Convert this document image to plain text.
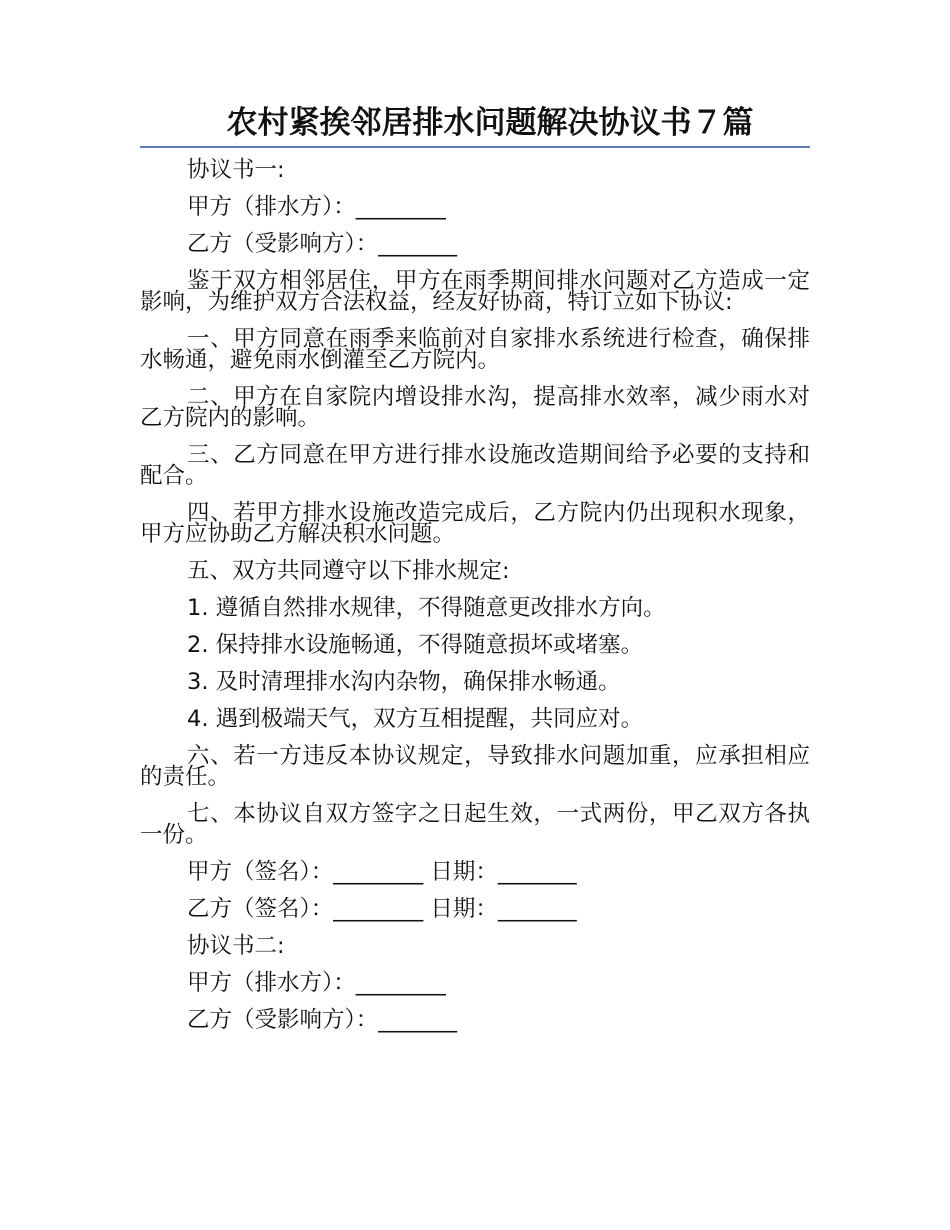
农村紧挨邻居排水问题解决协议书７篇

协议书一:

甲方（排水方）：________

乙方（受影响方）：_______

鉴于双方相邻居住，甲方在雨季期间排水问题对乙方造成一定影响，为维护双方合法权益，经友好协商，特订立如下协议:

一、甲方同意在雨季来临前对自家排水系统进行检查，确保排水畅通，避免雨水倒灌至乙方院内。

二、甲方在自家院内增设排水沟，提高排水效率，减少雨水对乙方院内的影响。

三、乙方同意在甲方进行排水设施改造期间给予必要的支持和配合。

四、若甲方排水设施改造完成后，乙方院内仍出现积水现象，甲方应协助乙方解决积水问题。

五、双方共同遵守以下排水规定:

1. 遵循自然排水规律，不得随意更改排水方向。

2. 保持排水设施畅通，不得随意损坏或堵塞。

3. 及时清理排水沟内杂物，确保排水畅通。

4. 遇到极端天气，双方互相提醒，共同应对。

六、若一方违反本协议规定，导致排水问题加重，应承担相应的责任。

七、本协议自双方签字之日起生效，一式两份，甲乙双方各执一份。

甲方（签名）：________ 日期：_______

乙方（签名）：________ 日期：_______

协议书二:

甲方（排水方）：________

乙方（受影响方）：_______
